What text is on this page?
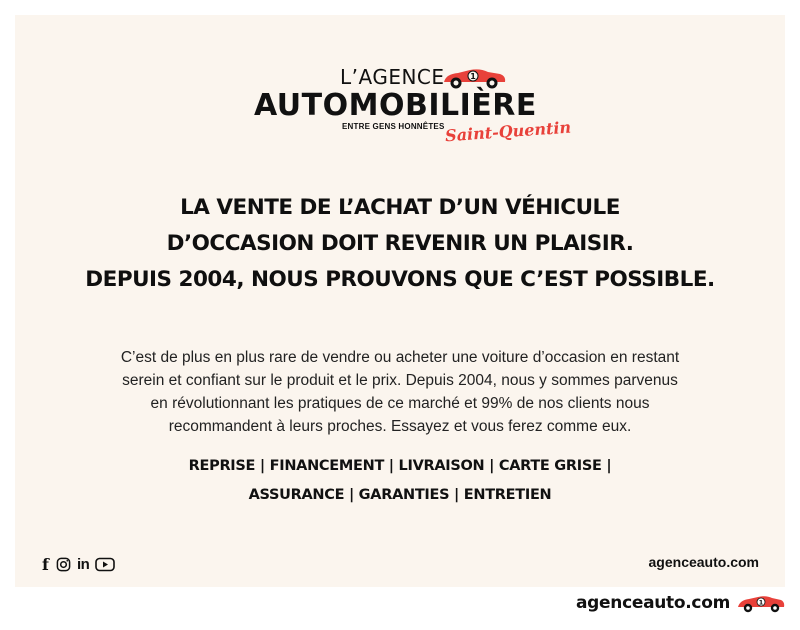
L’AGENCE	1
AUTOMOBILIÈRE
ENTRE GENS HONNÊTES Saint-Quentin
LA VENTE DE L’ACHAT D’UN VÉHICULE
D’OCCASION DOIT REVENIR UN PLAISIR.
DEPUIS 2004, NOUS PROUVONS QUE C’EST POSSIBLE.
C’est de plus en plus rare de vendre ou acheter une voiture d’occasion en restant
serein et confiant sur le produit et le prix. Depuis 2004, nous y sommes parvenus
en révolutionnant les pratiques de ce marché et 99% de nos clients nous
recommandent à leurs proches. Essayez et vous ferez comme eux.
REPRISE | FINANCEMENT | LIVRAISON | CARTE GRISE |
ASSURANCE | GARANTIES | ENTRETIEN
f in	agenceauto.com
agenceauto.com	1
